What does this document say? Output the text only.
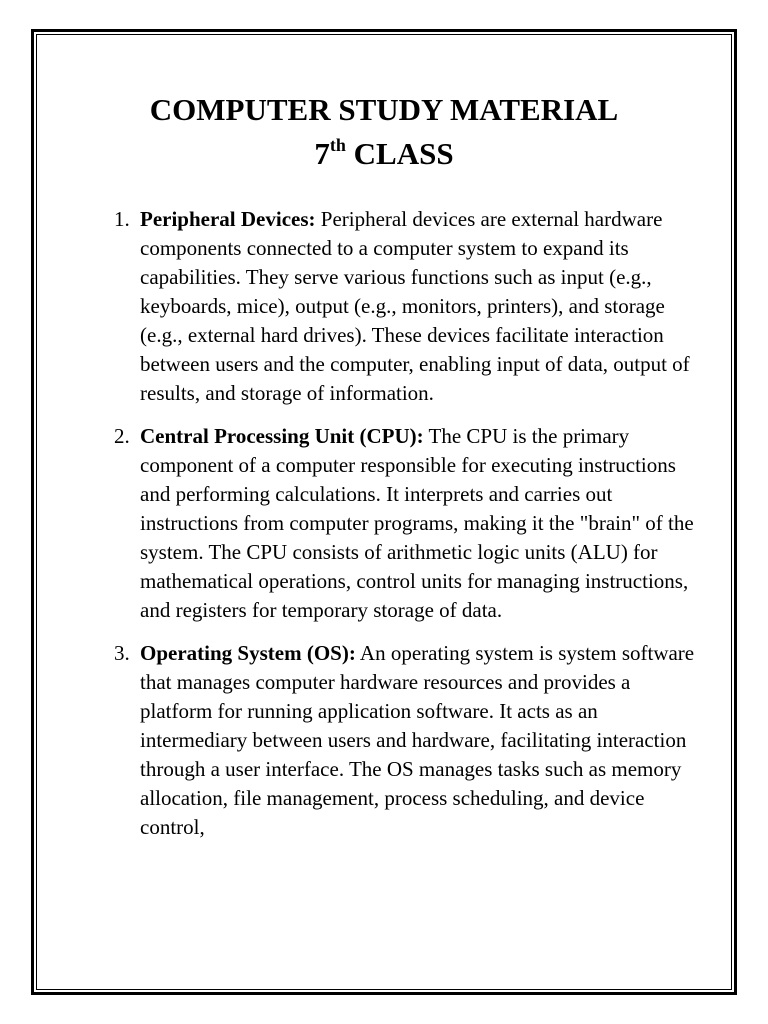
COMPUTER STUDY MATERIAL
7th CLASS
1. Peripheral Devices: Peripheral devices are external hardware components connected to a computer system to expand its capabilities. They serve various functions such as input (e.g., keyboards, mice), output (e.g., monitors, printers), and storage (e.g., external hard drives). These devices facilitate interaction between users and the computer, enabling input of data, output of results, and storage of information.
2. Central Processing Unit (CPU): The CPU is the primary component of a computer responsible for executing instructions and performing calculations. It interprets and carries out instructions from computer programs, making it the "brain" of the system. The CPU consists of arithmetic logic units (ALU) for mathematical operations, control units for managing instructions, and registers for temporary storage of data.
3. Operating System (OS): An operating system is system software that manages computer hardware resources and provides a platform for running application software. It acts as an intermediary between users and hardware, facilitating interaction through a user interface. The OS manages tasks such as memory allocation, file management, process scheduling, and device control,
